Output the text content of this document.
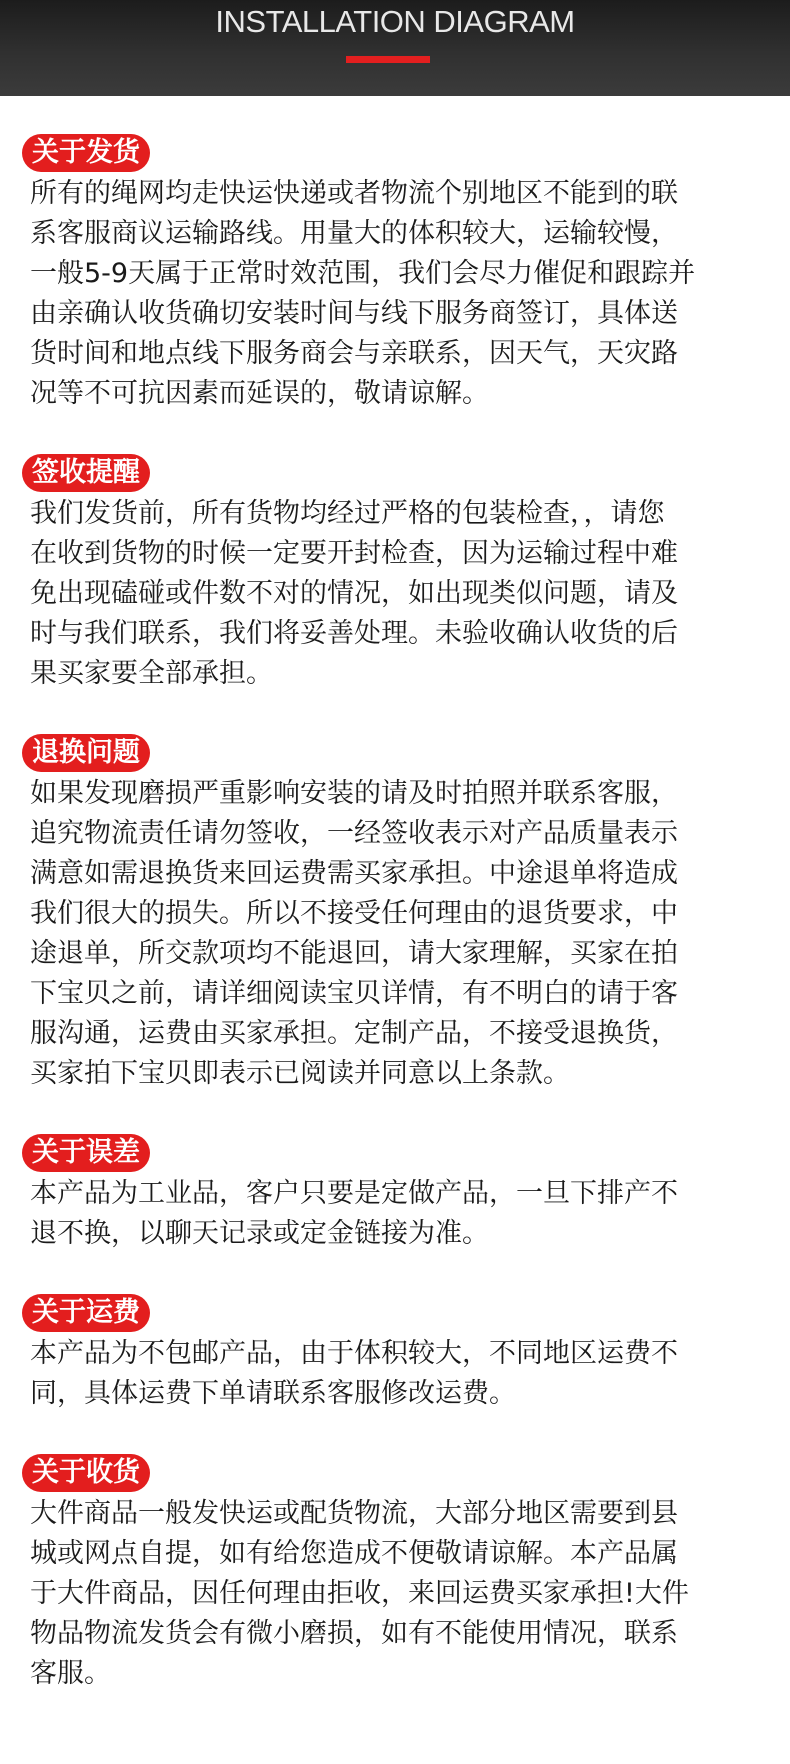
INSTALLATION DIAGRAM
关于发货
所有的绳网均走快运快递或者物流个别地区不能到的联
系客服商议运输路线。用量大的体积较大，运输较慢，
一般5-9天属于正常时效范围，我们会尽力催促和跟踪并
由亲确认收货确切安装时间与线下服务商签订，具体送
货时间和地点线下服务商会与亲联系，因天气，天灾路
况等不可抗因素而延误的，敬请谅解。
签收提醒
我们发货前，所有货物均经过严格的包装检查，，请您
在收到货物的时候一定要开封检查，因为运输过程中难
免出现磕碰或件数不对的情况，如出现类似问题，请及
时与我们联系，我们将妥善处理。未验收确认收货的后
果买家要全部承担。
退换问题
如果发现磨损严重影响安装的请及时拍照并联系客服，
追究物流责任请勿签收，一经签收表示对产品质量表示
满意如需退换货来回运费需买家承担。中途退单将造成
我们很大的损失。所以不接受任何理由的退货要求，中
途退单，所交款项均不能退回，请大家理解，买家在拍
下宝贝之前，请详细阅读宝贝详情，有不明白的请于客
服沟通，运费由买家承担。定制产品，不接受退换货，
买家拍下宝贝即表示已阅读并同意以上条款。
关于误差
本产品为工业品，客户只要是定做产品，一旦下排产不
退不换，以聊天记录或定金链接为准。
关于运费
本产品为不包邮产品，由于体积较大，不同地区运费不
同，具体运费下单请联系客服修改运费。
关于收货
大件商品一般发快运或配货物流，大部分地区需要到县
城或网点自提，如有给您造成不便敬请谅解。本产品属
于大件商品，因任何理由拒收，来回运费买家承担!大件
物品物流发货会有微小磨损，如有不能使用情况，联系
客服。
